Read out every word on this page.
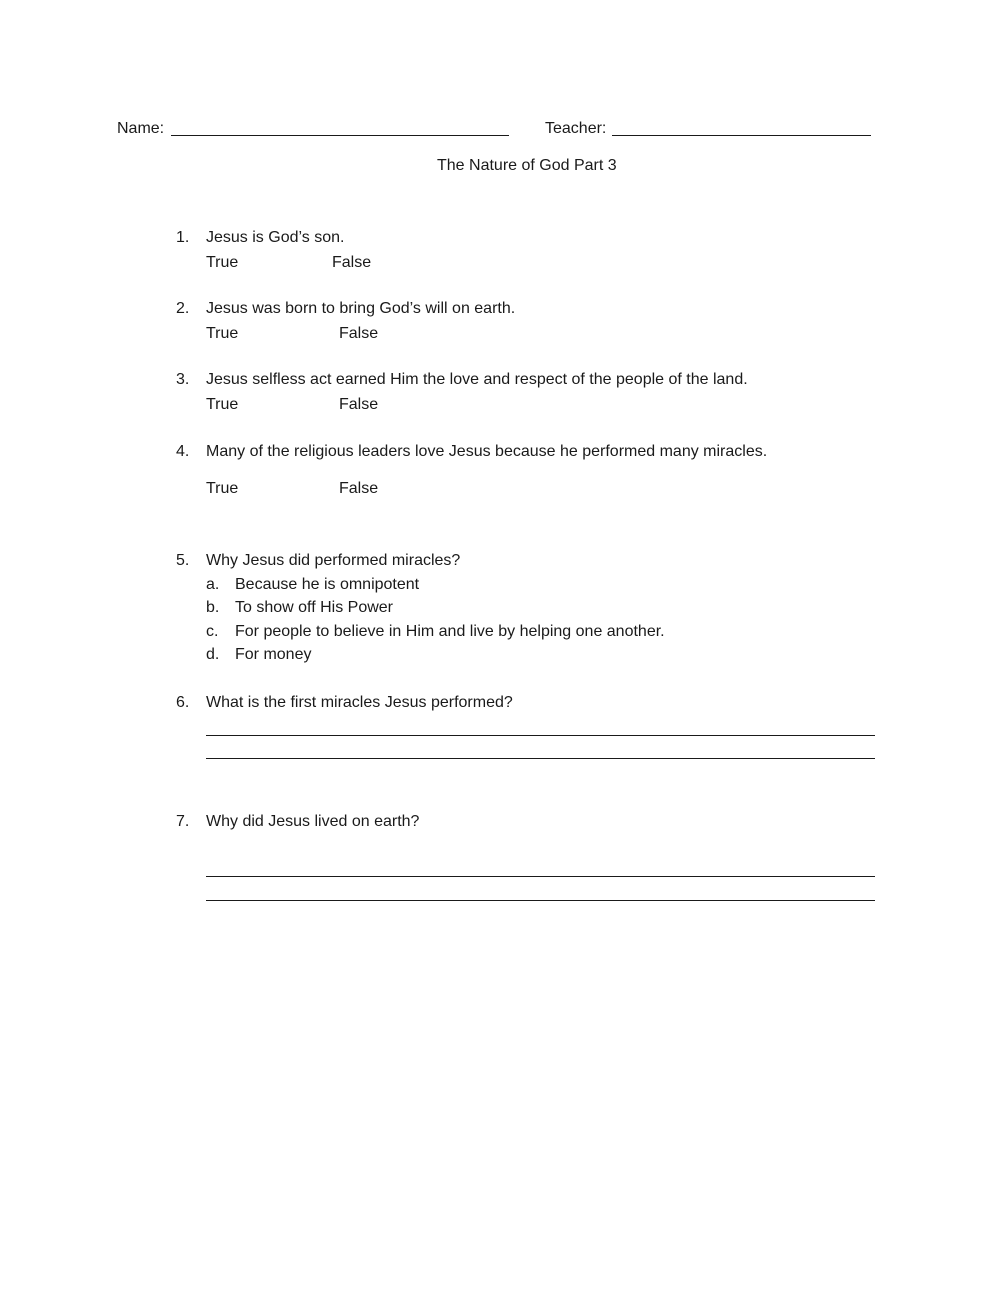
Name:	Teacher:
The Nature of God Part 3
1. Jesus is God’s son.
True	False
2. Jesus was born to bring God’s will on earth.
True	False
3. Jesus selfless act earned Him the love and respect of the people of the land.
True	False
4. Many of the religious leaders love Jesus because he performed many miracles.
True	False
5. Why Jesus did performed miracles?
a. Because he is omnipotent
b. To show off His Power
c. For people to believe in Him and live by helping one another.
d. For money
6. What is the first miracles Jesus performed?
7. Why did Jesus lived on earth?
